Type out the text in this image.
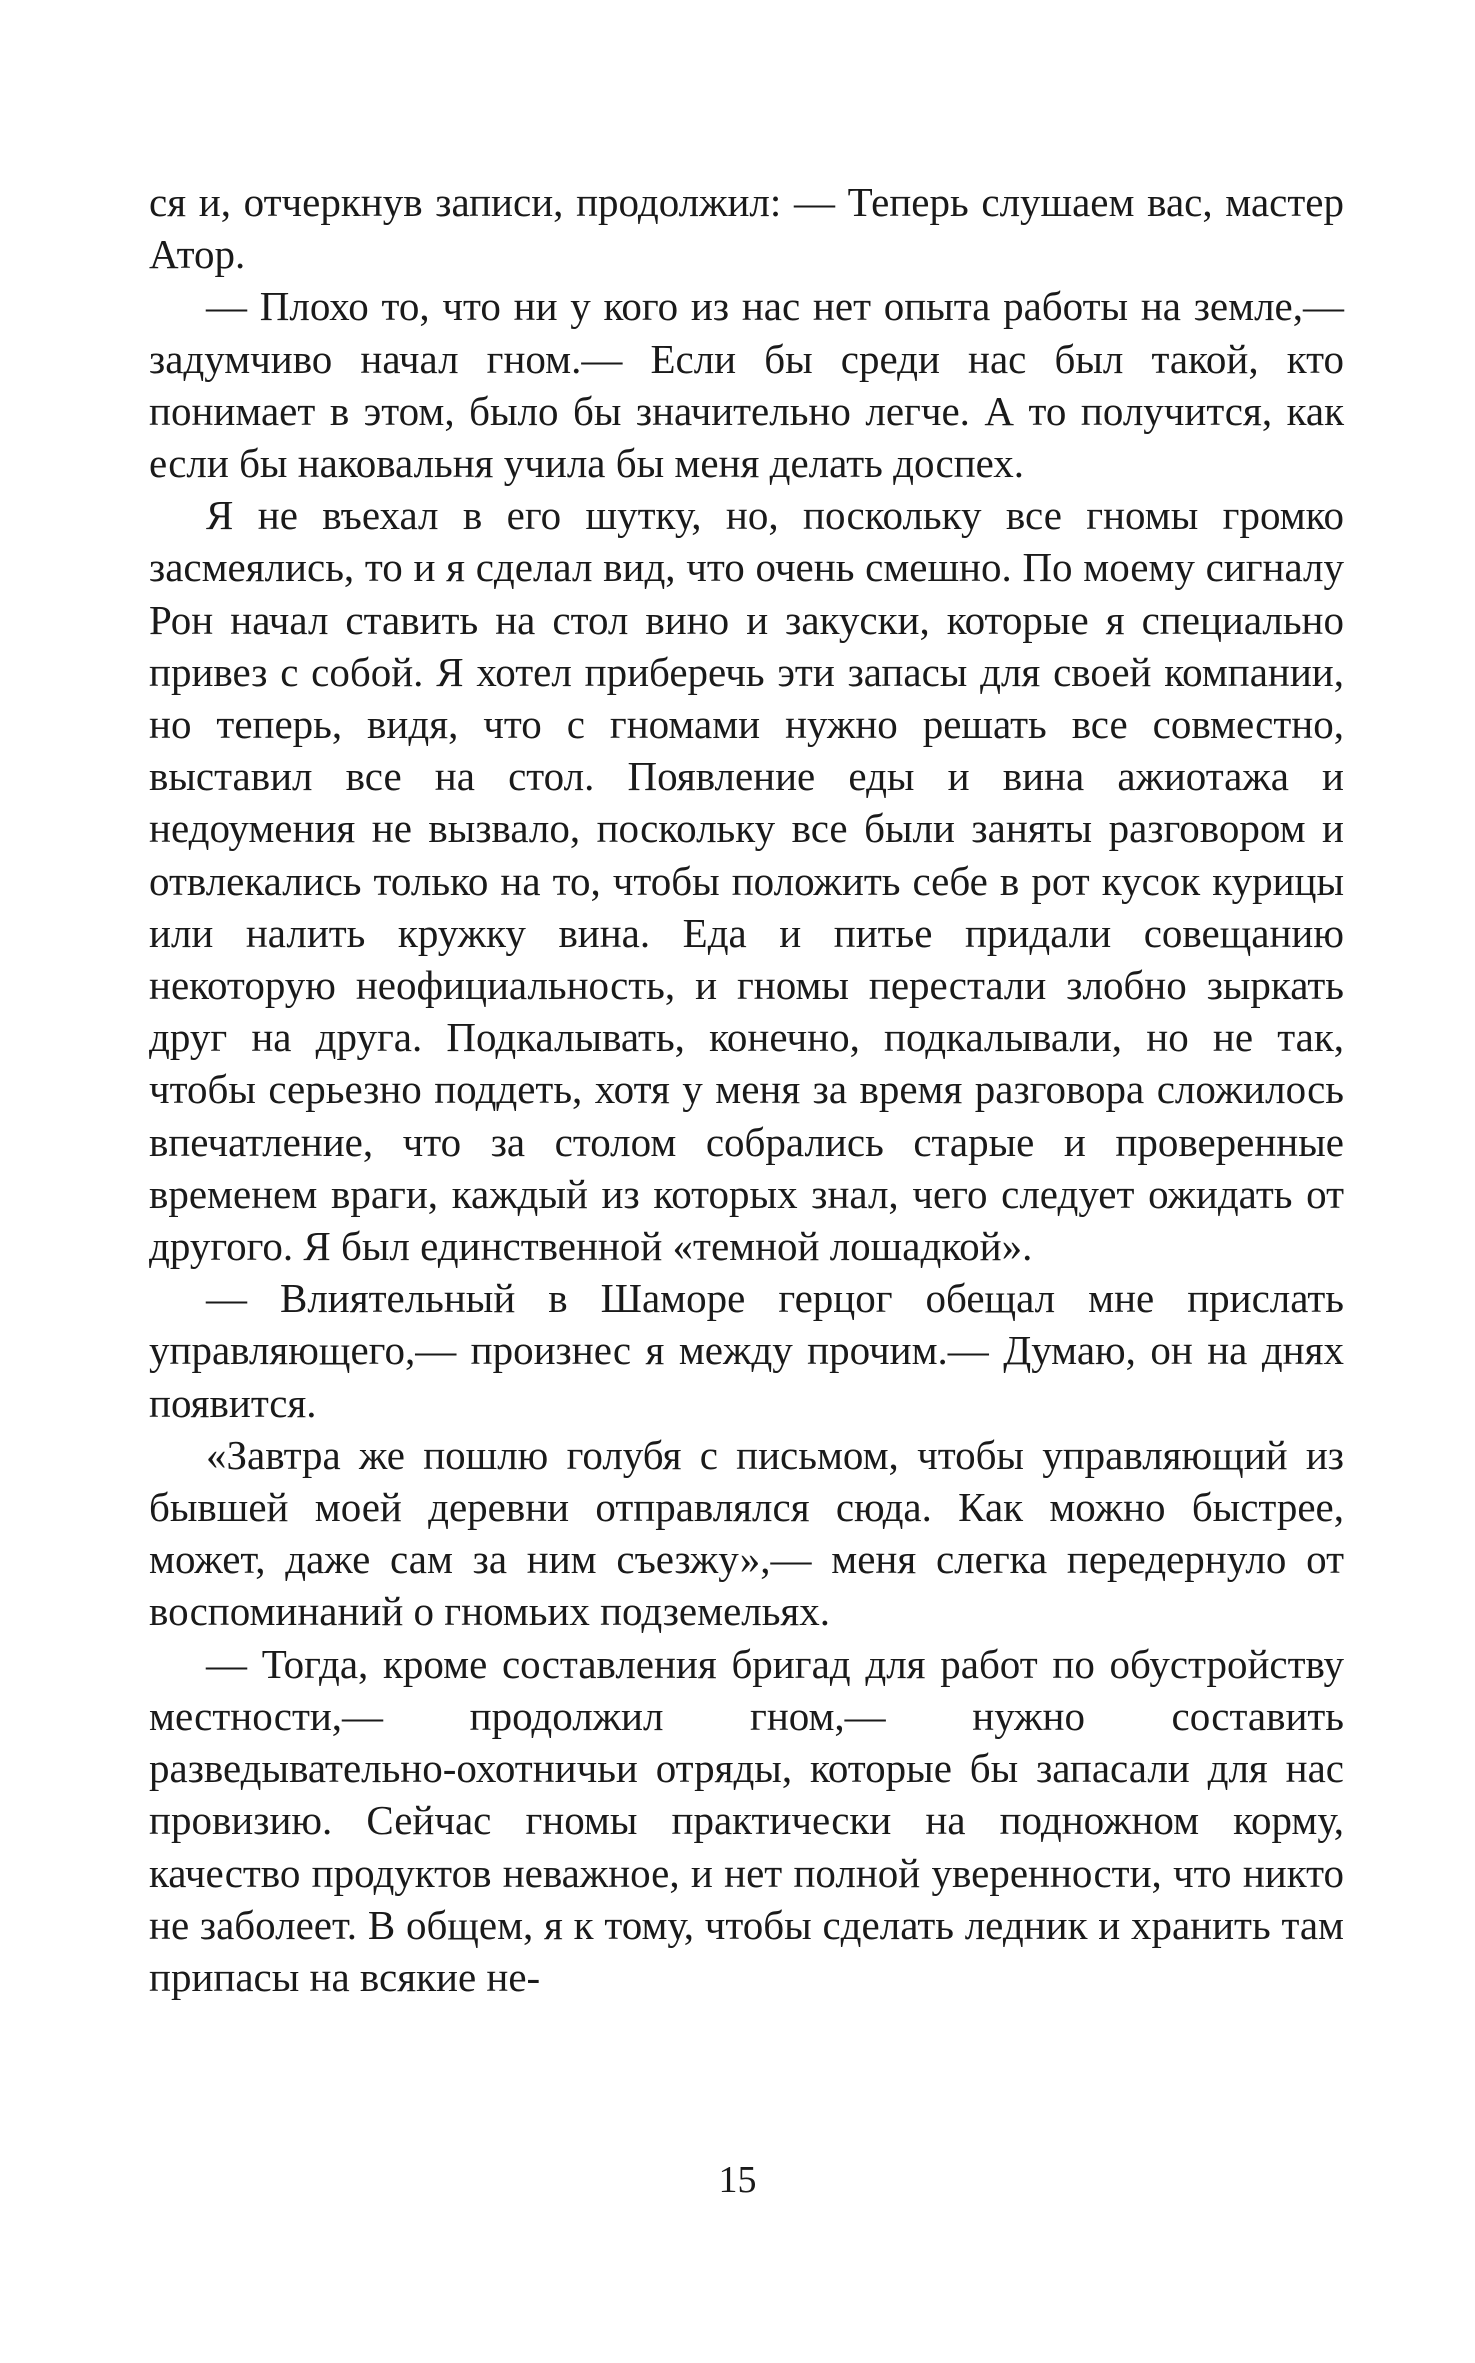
ся и, отчеркнув записи, продолжил: — Теперь слушаем вас, мастер Атор.

— Плохо то, что ни у кого из нас нет опыта работы на земле,— задумчиво начал гном.— Если бы среди нас был такой, кто понимает в этом, было бы значительно легче. А то получится, как если бы наковальня учила бы меня делать доспех.

Я не въехал в его шутку, но, поскольку все гномы громко засмеялись, то и я сделал вид, что очень смешно. По моему сигналу Рон начал ставить на стол вино и закуски, которые я специально привез с собой. Я хотел приберечь эти запасы для своей компании, но теперь, видя, что с гномами нужно решать все совместно, выставил все на стол. Появление еды и вина ажиотажа и недоумения не вызвало, поскольку все были заняты разговором и отвлекались только на то, чтобы положить себе в рот кусок курицы или налить кружку вина. Еда и питье придали совещанию некоторую неофициальность, и гномы перестали злобно зыркать друг на друга. Подкалывать, конечно, подкалывали, но не так, чтобы серьезно поддеть, хотя у меня за время разговора сложилось впечатление, что за столом собрались старые и проверенные временем враги, каждый из которых знал, чего следует ожидать от другого. Я был единственной «темной лошадкой».

— Влиятельный в Шаморе герцог обещал мне прислать управляющего,— произнес я между прочим.— Думаю, он на днях появится.

«Завтра же пошлю голубя с письмом, чтобы управляющий из бывшей моей деревни отправлялся сюда. Как можно быстрее, может, даже сам за ним съезжу»,— меня слегка передернуло от воспоминаний о гномьих подземельях.

— Тогда, кроме составления бригад для работ по обустройству местности,— продолжил гном,— нужно составить разведывательно-охотничьи отряды, которые бы запасали для нас провизию. Сейчас гномы практически на подножном корму, качество продуктов неважное, и нет полной уверенности, что никто не заболеет. В общем, я к тому, чтобы сделать ледник и хранить там припасы на всякие не-

15
